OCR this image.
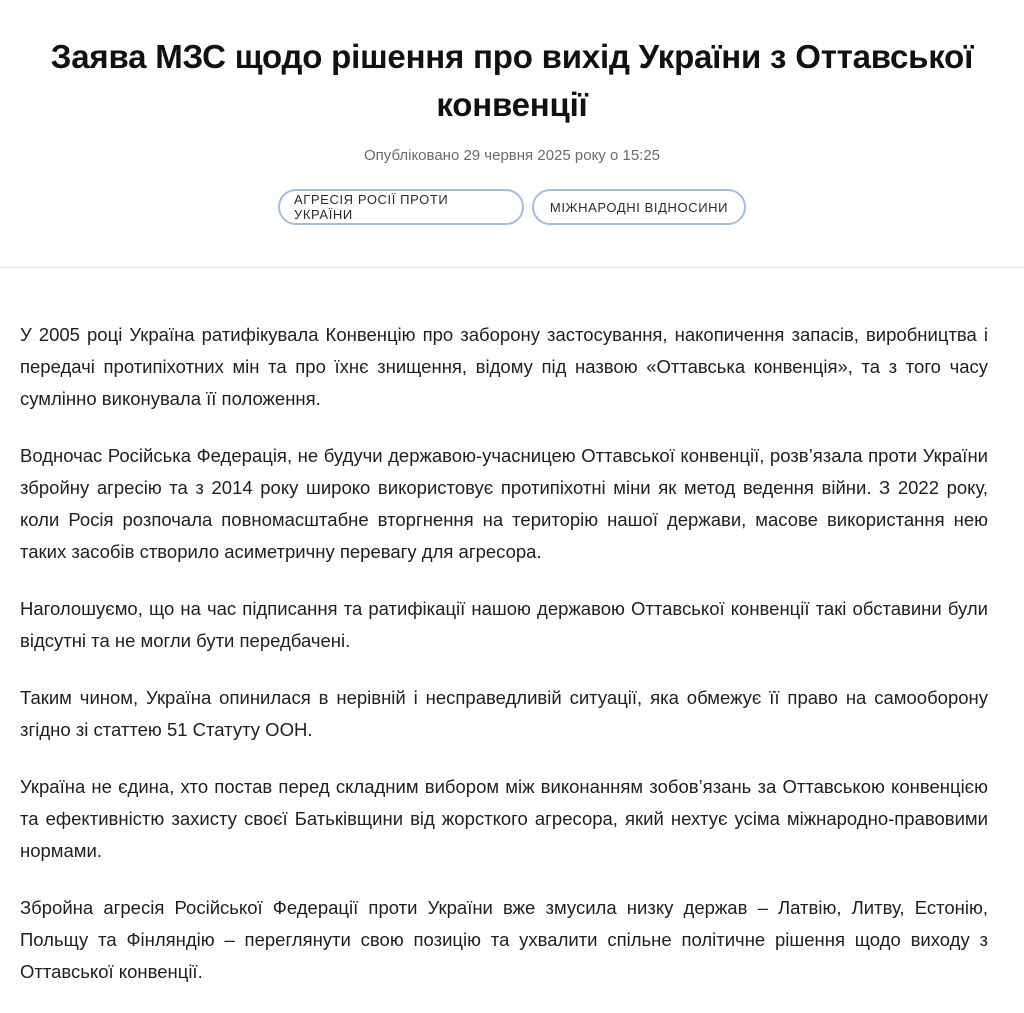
Заява МЗС щодо рішення про вихід України з Оттавської конвенції
Опубліковано 29 червня 2025 року о 15:25
АГРЕСІЯ РОСІЇ ПРОТИ УКРАЇНИ	МІЖНАРОДНІ ВІДНОСИНИ

У 2005 році Україна ратифікувала Конвенцію про заборону застосування, накопичення запасів, виробництва і передачі протипіхотних мін та про їхнє знищення, відому під назвою «Оттавська конвенція», та з того часу сумлінно виконувала її положення.

Водночас Російська Федерація, не будучи державою-учасницею Оттавської конвенції, розв’язала проти України збройну агресію та з 2014 року широко використовує протипіхотні міни як метод ведення війни. З 2022 року, коли Росія розпочала повномасштабне вторгнення на територію нашої держави, масове використання нею таких засобів створило асиметричну перевагу для агресора.

Наголошуємо, що на час підписання та ратифікації нашою державою Оттавської конвенції такі обставини були відсутні та не могли бути передбачені.

Таким чином, Україна опинилася в нерівній і несправедливій ситуації, яка обмежує її право на самооборону згідно зі статтею 51 Статуту ООН.

Україна не єдина, хто постав перед складним вибором між виконанням зобов’язань за Оттавською конвенцією та ефективністю захисту своєї Батьківщини від жорсткого агресора, який нехтує усіма міжнародно-правовими нормами.

Збройна агресія Російської Федерації проти України вже змусила низку держав – Латвію, Литву, Естонію, Польщу та Фінляндію – переглянути свою позицію та ухвалити спільне політичне рішення щодо виходу з Оттавської конвенції.
